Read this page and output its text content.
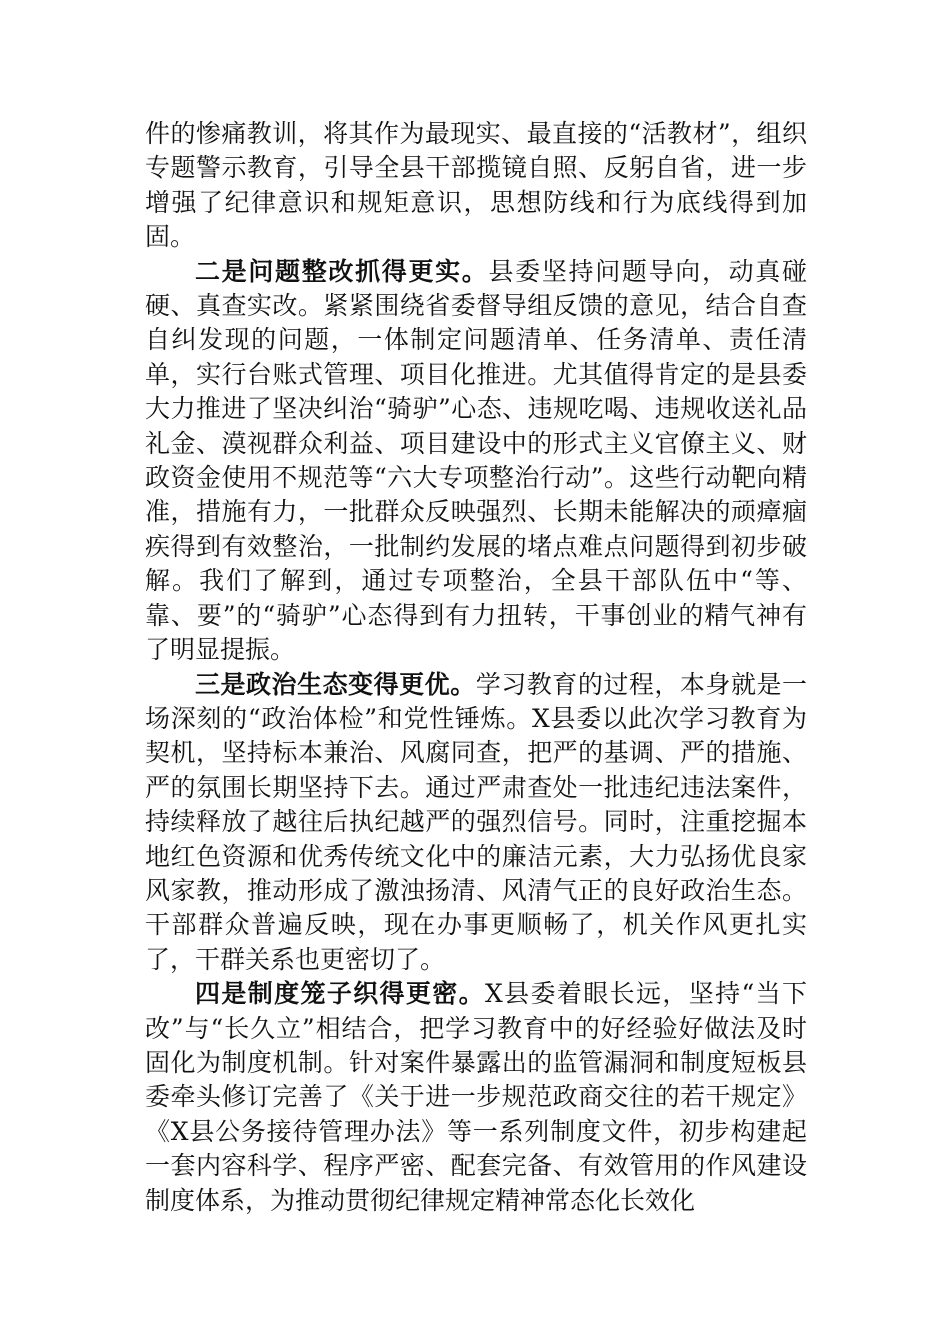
件的惨痛教训，将其作为最现实、最直接的“活教材”，组织专题警示教育，引导全县干部揽镜自照、反躬自省，进一步增强了纪律意识和规矩意识，思想防线和行为底线得到加固。

二是问题整改抓得更实。县委坚持问题导向，动真碰硬、真查实改。紧紧围绕省委督导组反馈的意见，结合自查自纠发现的问题，一体制定问题清单、任务清单、责任清单，实行台账式管理、项目化推进。尤其值得肯定的是县委大力推进了坚决纠治“骑驴”心态、违规吃喝、违规收送礼品礼金、漠视群众利益、项目建设中的形式主义官僚主义、财政资金使用不规范等“六大专项整治行动”。这些行动靶向精准，措施有力，一批群众反映强烈、长期未能解决的顽瘴痼疾得到有效整治，一批制约发展的堵点难点问题得到初步破解。我们了解到，通过专项整治，全县干部队伍中“等、靠、要”的“骑驴”心态得到有力扭转，干事创业的精气神有了明显提振。

三是政治生态变得更优。学习教育的过程，本身就是一场深刻的“政治体检”和党性锤炼。X县委以此次学习教育为契机，坚持标本兼治、风腐同查，把严的基调、严的措施、严的氛围长期坚持下去。通过严肃查处一批违纪违法案件，持续释放了越往后执纪越严的强烈信号。同时，注重挖掘本地红色资源和优秀传统文化中的廉洁元素，大力弘扬优良家风家教，推动形成了激浊扬清、风清气正的良好政治生态。干部群众普遍反映，现在办事更顺畅了，机关作风更扎实了，干群关系也更密切了。

四是制度笼子织得更密。X县委着眼长远，坚持“当下改”与“长久立”相结合，把学习教育中的好经验好做法及时固化为制度机制。针对案件暴露出的监管漏洞和制度短板县委牵头修订完善了《关于进一步规范政商交往的若干规定》《X县公务接待管理办法》等一系列制度文件，初步构建起一套内容科学、程序严密、配套完备、有效管用的作风建设制度体系，为推动贯彻纪律规定精神常态化长效化
